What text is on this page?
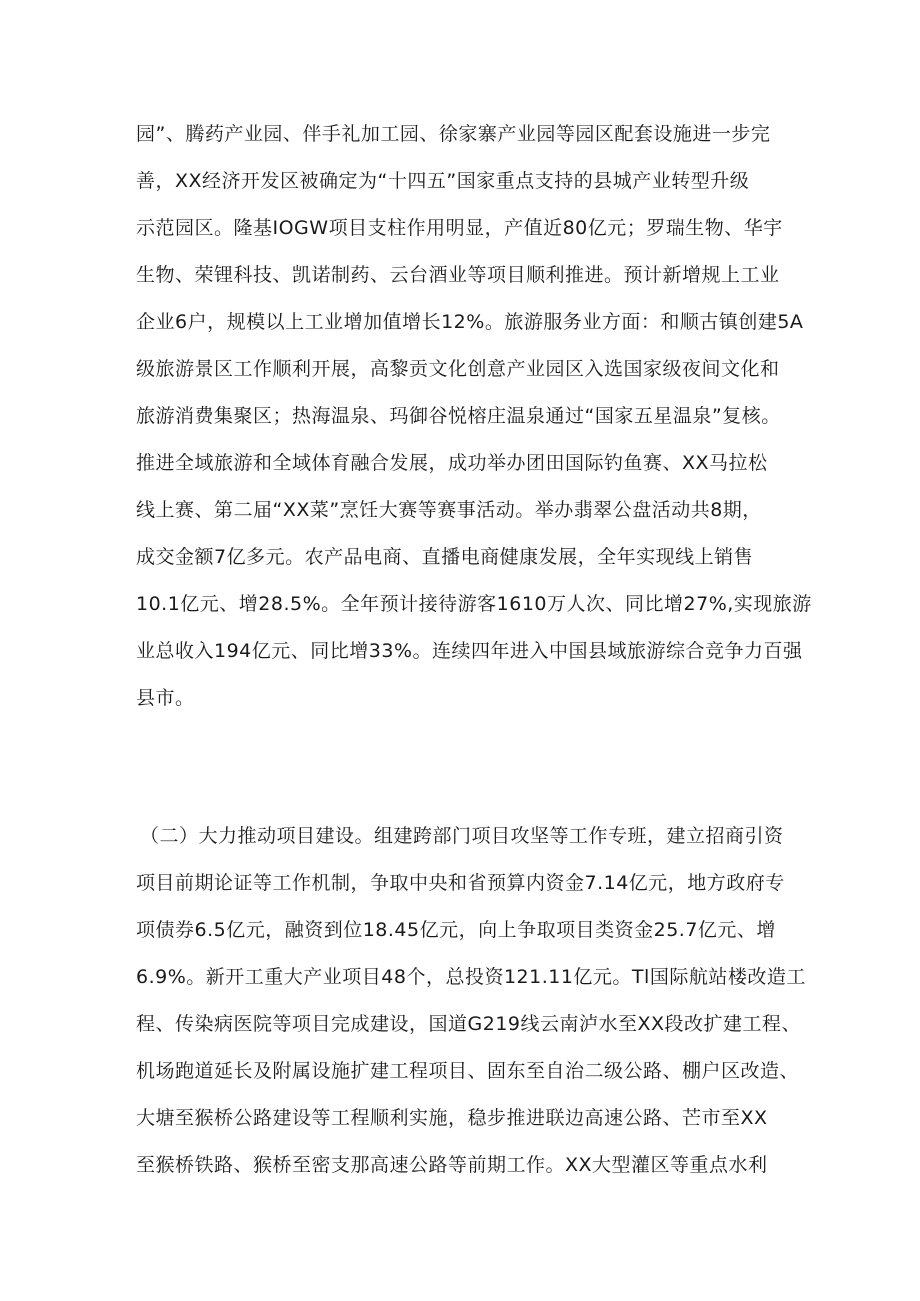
园”、腾药产业园、伴手礼加工园、徐家寨产业园等园区配套设施进一步完

善，XX经济开发区被确定为“十四五”国家重点支持的县城产业转型升级

示范园区。隆基IOGW项目支柱作用明显，产值近80亿元；罗瑞生物、华宇

生物、荣锂科技、凯诺制药、云台酒业等项目顺利推进。预计新增规上工业

企业6户，规模以上工业增加值增长12%。旅游服务业方面：和顺古镇创建5A

级旅游景区工作顺利开展，高黎贡文化创意产业园区入选国家级夜间文化和

旅游消费集聚区；热海温泉、玛御谷悦榕庄温泉通过“国家五星温泉”复核。

推进全域旅游和全域体育融合发展，成功举办团田国际钓鱼赛、XX马拉松

线上赛、第二届“XX菜”烹饪大赛等赛事活动。举办翡翠公盘活动共8期，

成交金额7亿多元。农产品电商、直播电商健康发展，全年实现线上销售

10.1亿元、增28.5%。全年预计接待游客1610万人次、同比增27%,实现旅游

业总收入194亿元、同比增33%。连续四年进入中国县域旅游综合竞争力百强

县市。

（二）大力推动项目建设。组建跨部门项目攻坚等工作专班，建立招商引资

项目前期论证等工作机制，争取中央和省预算内资金7.14亿元，地方政府专

项债券6.5亿元，融资到位18.45亿元，向上争取项目类资金25.7亿元、增

6.9%。新开工重大产业项目48个，总投资121.11亿元。Tl国际航站楼改造工

程、传染病医院等项目完成建设，国道G219线云南泸水至XX段改扩建工程、

机场跑道延长及附属设施扩建工程项目、固东至自治二级公路、棚户区改造、

大塘至猴桥公路建设等工程顺利实施，稳步推进联边高速公路、芒市至XX

至猴桥铁路、猴桥至密支那高速公路等前期工作。XX大型灌区等重点水利
